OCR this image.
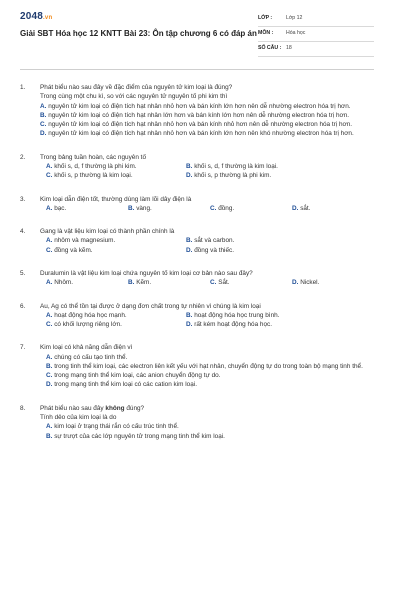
2048.vn
Giải SBT Hóa học 12 KNTT Bài 23: Ôn tập chương 6 có đáp án
LỚP :	Lớp 12
MÔN :	Hóa học
SỐ CÂU : 18
1.	Phát biểu nào sau đây về đặc điểm của nguyên tử kim loại là đúng?
Trong cùng một chu kì, so với các nguyên tử nguyên tố phi kim thì
A. nguyên tử kim loại có điện tích hạt nhân nhỏ hơn và bán kính lớn hơn nên dễ nhường electron hóa trị hơn.
B. nguyên tử kim loại có điện tích hạt nhân lớn hơn và bán kính lớn hơn nên dễ nhường electron hóa trị hơn.
C. nguyên tử kim loại có điện tích hạt nhân nhỏ hơn và bán kính nhỏ hơn nên dễ nhường electron hóa trị hơn.
D. nguyên tử kim loại có điện tích hạt nhân nhỏ hơn và bán kính lớn hơn nên khó nhường electron hóa trị hơn.
2.	Trong bảng tuần hoàn, các nguyên tố
A. khối s, d, f thường là phi kim.	B. khối s, d, f thường là kim loại.
C. khối s, p thường là kim loại.	D. khối s, p thường là phi kim.
3.	Kim loại dẫn điện tốt, thường dùng làm lõi dây điện là
A. bạc.	B. vàng.	C. đồng.	D. sắt.
4.	Gang là vật liệu kim loại có thành phần chính là
A. nhôm và magnesium.	B. sắt và carbon.
C. đồng và kẽm.	D. đồng và thiếc.
5.	Duralumin là vật liệu kim loại chứa nguyên tố kim loại cơ bản nào sau đây?
A. Nhôm.	B. Kẽm.	C. Sắt.	D. Nickel.
6.	Au, Ag có thể tồn tại được ở dạng đơn chất trong tự nhiên vì chúng là kim loại
A. hoạt động hóa học mạnh.	B. hoạt động hóa học trung bình.
C. có khối lượng riêng lớn.	D. rất kém hoạt động hóa học.
7.	Kim loại có khả năng dẫn điện vì
A. chúng có cấu tạo tinh thể.
B. trong tinh thể kim loại, các electron liên kết yếu với hạt nhân, chuyển động tự do trong toàn bộ mạng tinh thể.
C. trong mạng tinh thể kim loại, các anion chuyển động tự do.
D. trong mạng tinh thể kim loại có các cation kim loại.
8.	Phát biểu nào sau đây không đúng?
Tính dẻo của kim loại là do
A. kim loại ở trạng thái rắn có cấu trúc tinh thể.
B. sự trượt của các lớp nguyên tử trong mạng tinh thể kim loại.
